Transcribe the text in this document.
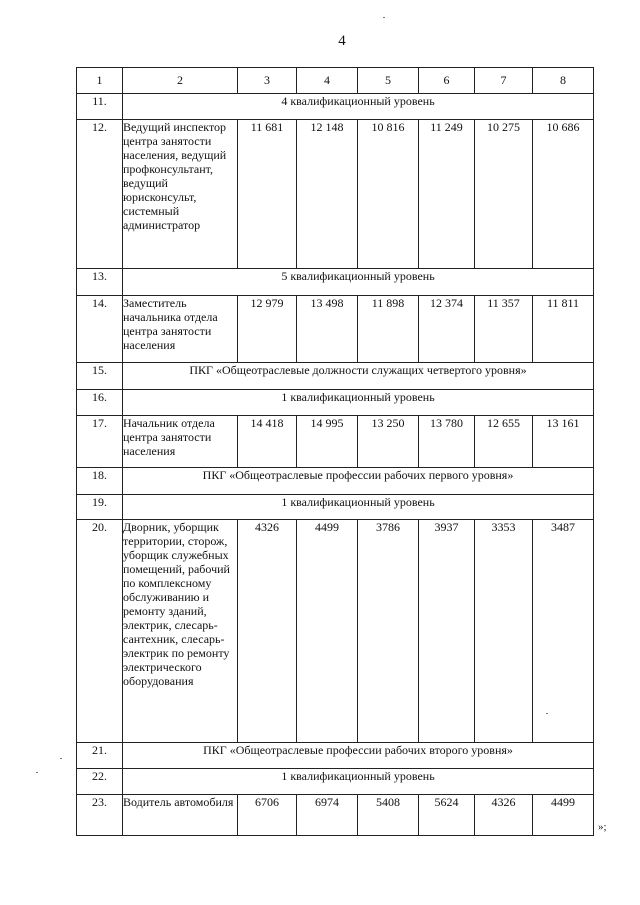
4
1	2	3	4	5	6	7	8
11.	4 квалификационный уровень						
12.	Ведущий инспектор центра занятости населения, ведущий профконсультант, ведущий юрисконсульт, системный администратор	11 681	12 148	10 816	11 249	10 275	10 686
13.	5 квалификационный уровень						
14.	Заместитель начальника отдела центра занятости населения	12 979	13 498	11 898	12 374	11 357	11 811
15.	ПКГ «Общеотраслевые должности служащих четвертого уровня»						
16.	1 квалификационный уровень						
17.	Начальник отдела центра занятости населения	14 418	14 995	13 250	13 780	12 655	13 161
18.	ПКГ «Общеотраслевые профессии рабочих первого уровня»						
19.	1 квалификационный уровень						
20.	Дворник, уборщик территории, сторож, уборщик служебных помещений, рабочий по комплексному обслуживанию и ремонту зданий, электрик, слесарь-сантехник, слесарь-электрик по ремонту электрического оборудования	4326	4499	3786	3937	3353	3487
21.	ПКГ «Общеотраслевые профессии рабочих второго уровня»						
22.	1 квалификационный уровень						
23.	Водитель автомобиля	6706	6974	5408	5624	4326	4499
»;
